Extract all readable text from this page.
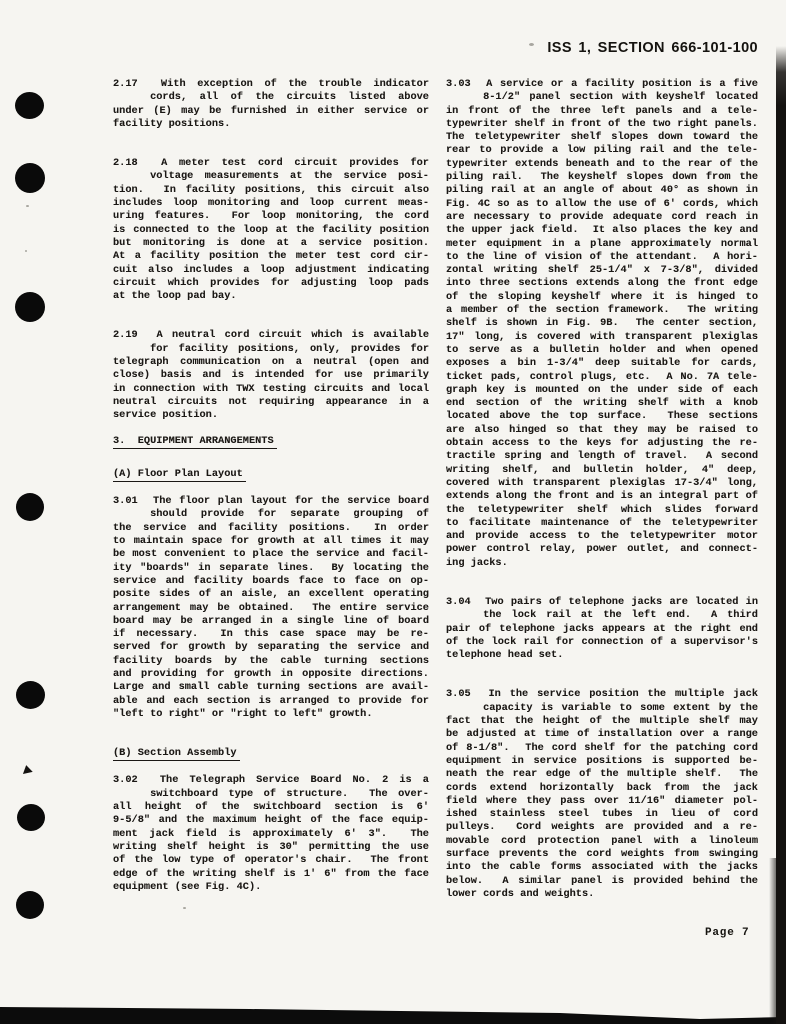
ISS 1, SECTION 666-101-100
2.17  With exception of the trouble indicator
cords, all of the circuits listed above
under (E) may be furnished in either service or
facility positions.
2.18  A meter test cord circuit provides for
voltage measurements at the service posi-
tion.  In facility positions, this circuit also
includes loop monitoring and loop current meas-
uring features.  For loop monitoring, the cord
is connected to the loop at the facility position
but monitoring is done at a service position.
At a facility position the meter test cord cir-
cuit also includes a loop adjustment indicating
circuit which provides for adjusting loop pads
at the loop pad bay.
2.19  A neutral cord circuit which is available
for facility positions, only, provides for
telegraph communication on a neutral (open and
close) basis and is intended for use primarily
in connection with TWX testing circuits and local
neutral circuits not requiring appearance in a
service position.
3.  EQUIPMENT ARRANGEMENTS
(A) Floor Plan Layout
3.01  The floor plan layout for the service board
should provide for separate grouping of
the service and facility positions.  In order
to maintain space for growth at all times it may
be most convenient to place the service and facil-
ity "boards" in separate lines.  By locating the
service and facility boards face to face on op-
posite sides of an aisle, an excellent operating
arrangement may be obtained.  The entire service
board may be arranged in a single line of board
if necessary.  In this case space may be re-
served for growth by separating the service and
facility boards by the cable turning sections
and providing for growth in opposite directions.
Large and small cable turning sections are avail-
able and each section is arranged to provide for
"left to right" or "right to left" growth.
(B) Section Assembly
3.02  The Telegraph Service Board No. 2 is a
switchboard type of structure.  The over-
all height of the switchboard section is 6'
9-5/8" and the maximum height of the face equip-
ment jack field is approximately 6' 3".  The
writing shelf height is 30" permitting the use
of the low type of operator's chair.  The front
edge of the writing shelf is 1' 6" from the face
equipment (see Fig. 4C).
3.03  A service or a facility position is a five
8-1/2" panel section with keyshelf located
in front of the three left panels and a tele-
typewriter shelf in front of the two right panels.
The teletypewriter shelf slopes down toward the
rear to provide a low piling rail and the tele-
typewriter extends beneath and to the rear of the
piling rail.  The keyshelf slopes down from the
piling rail at an angle of about 40° as shown in
Fig. 4C so as to allow the use of 6' cords, which
are necessary to provide adequate cord reach in
the upper jack field.  It also places the key and
meter equipment in a plane approximately normal
to the line of vision of the attendant.  A hori-
zontal writing shelf 25-1/4" x 7-3/8", divided
into three sections extends along the front edge
of the sloping keyshelf where it is hinged to
a member of the section framework.  The writing
shelf is shown in Fig. 9B.  The center section,
17" long, is covered with transparent plexiglas
to serve as a bulletin holder and when opened
exposes a bin 1-3/4" deep suitable for cards,
ticket pads, control plugs, etc.  A No. 7A tele-
graph key is mounted on the under side of each
end section of the writing shelf with a knob
located above the top surface.  These sections
are also hinged so that they may be raised to
obtain access to the keys for adjusting the re-
tractile spring and length of travel.  A second
writing shelf, and bulletin holder, 4" deep,
covered with transparent plexiglas 17-3/4" long,
extends along the front and is an integral part of
the teletypewriter shelf which slides forward
to facilitate maintenance of the teletypewriter
and provide access to the teletypewriter motor
power control relay, power outlet, and connect-
ing jacks.
3.04  Two pairs of telephone jacks are located in
the lock rail at the left end.  A third
pair of telephone jacks appears at the right end
of the lock rail for connection of a supervisor's
telephone head set.
3.05  In the service position the multiple jack
capacity is variable to some extent by the
fact that the height of the multiple shelf may
be adjusted at time of installation over a range
of 8-1/8".  The cord shelf for the patching cord
equipment in service positions is supported be-
neath the rear edge of the multiple shelf.  The
cords extend horizontally back from the jack
field where they pass over 11/16" diameter pol-
ished stainless steel tubes in lieu of cord
pulleys.  Cord weights are provided and a re-
movable cord protection panel with a linoleum
surface prevents the cord weights from swinging
into the cable forms associated with the jacks
below.  A similar panel is provided behind the
lower cords and weights.
Page 7
